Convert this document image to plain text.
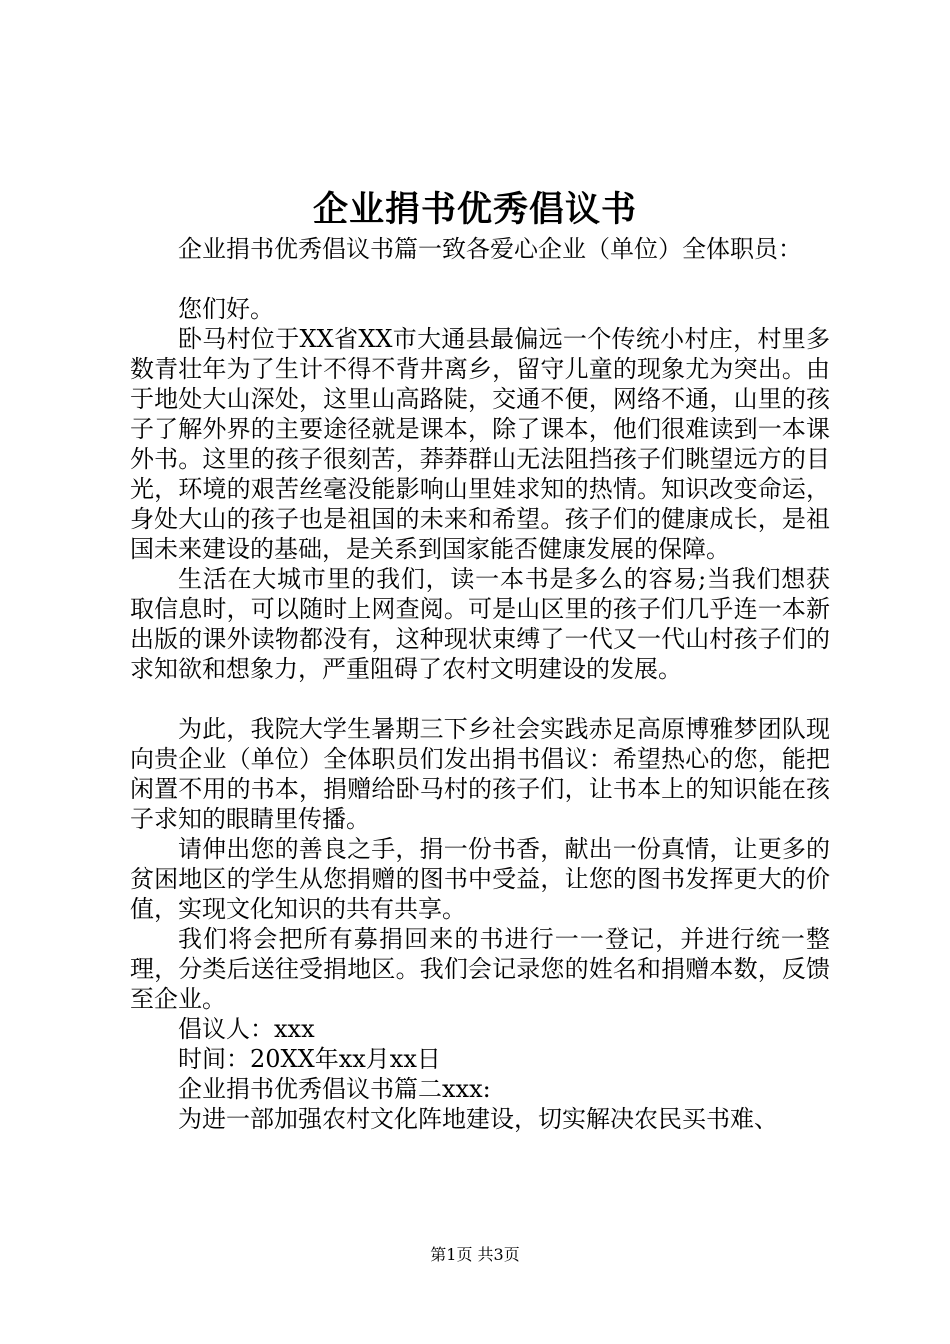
企业捐书优秀倡议书

企业捐书优秀倡议书篇一致各爱心企业（单位）全体职员：

您们好。

卧马村位于XX省XX市大通县最偏远一个传统小村庄，村里多数青壮年为了生计不得不背井离乡，留守儿童的现象尤为突出。由于地处大山深处，这里山高路陡，交通不便，网络不通，山里的孩子了解外界的主要途径就是课本，除了课本，他们很难读到一本课外书。这里的孩子很刻苦，莽莽群山无法阻挡孩子们眺望远方的目光，环境的艰苦丝毫没能影响山里娃求知的热情。知识改变命运，身处大山的孩子也是祖国的未来和希望。孩子们的健康成长，是祖国未来建设的基础，是关系到国家能否健康发展的保障。

生活在大城市里的我们，读一本书是多么的容易;当我们想获取信息时，可以随时上网查阅。可是山区里的孩子们几乎连一本新出版的课外读物都没有，这种现状束缚了一代又一代山村孩子们的求知欲和想象力，严重阻碍了农村文明建设的发展。

为此，我院大学生暑期三下乡社会实践赤足高原博雅梦团队现向贵企业（单位）全体职员们发出捐书倡议：希望热心的您，能把闲置不用的书本，捐赠给卧马村的孩子们，让书本上的知识能在孩子求知的眼睛里传播。

请伸出您的善良之手，捐一份书香，献出一份真情，让更多的贫困地区的学生从您捐赠的图书中受益，让您的图书发挥更大的价值，实现文化知识的共有共享。

我们将会把所有募捐回来的书进行一一登记，并进行统一整理，分类后送往受捐地区。我们会记录您的姓名和捐赠本数，反馈至企业。

倡议人：xxx

时间：20XX年xx月xx日

企业捐书优秀倡议书篇二xxx:

为进一部加强农村文化阵地建设，切实解决农民买书难、

第1页 共3页
